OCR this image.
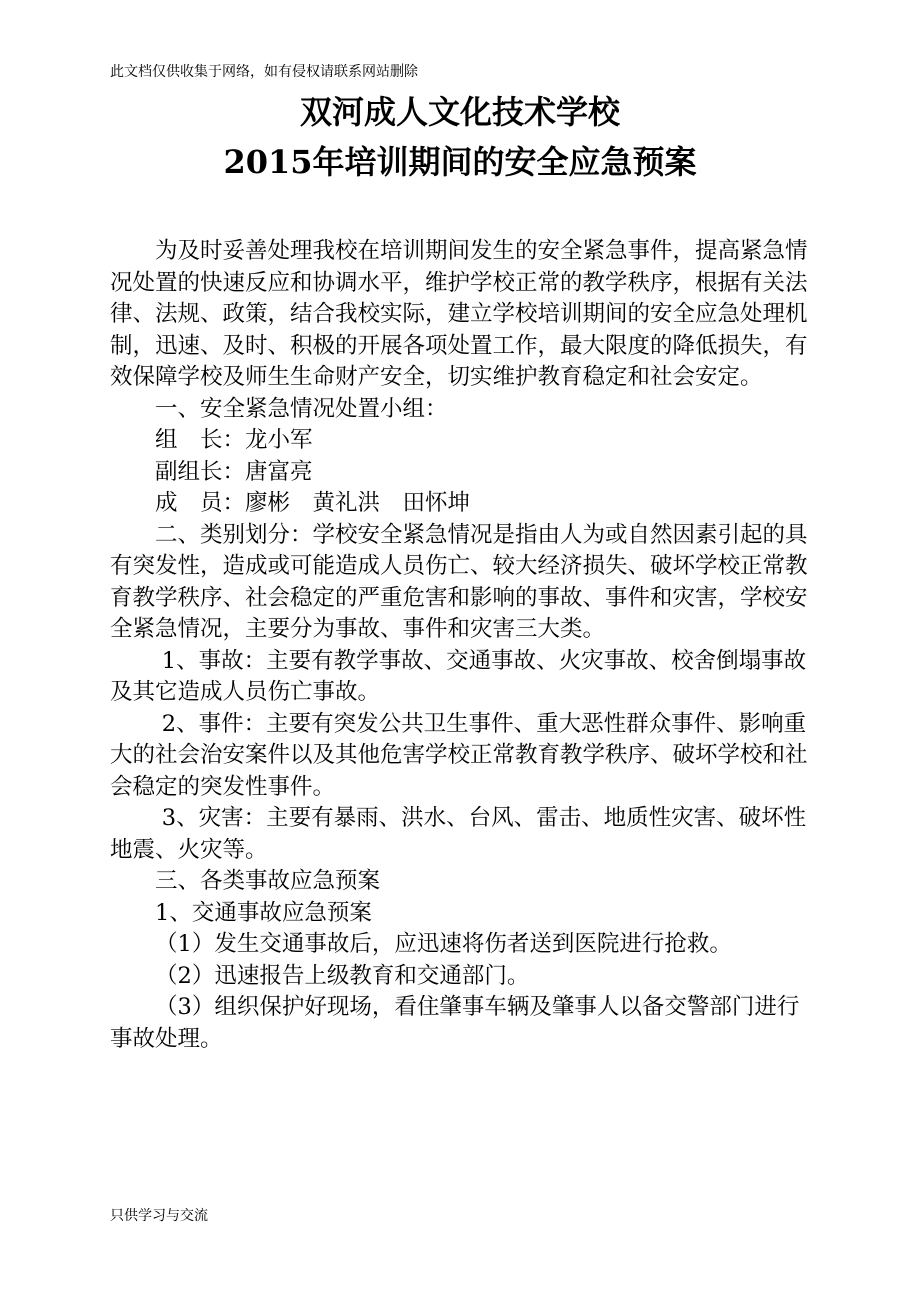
此文档仅供收集于网络，如有侵权请联系网站删除
双河成人文化技术学校
2015年培训期间的安全应急预案

为及时妥善处理我校在培训期间发生的安全紧急事件，提高紧急情况处置的快速反应和协调水平，维护学校正常的教学秩序，根据有关法律、法规、政策，结合我校实际，建立学校培训期间的安全应急处理机制，迅速、及时、积极的开展各项处置工作，最大限度的降低损失，有效保障学校及师生生命财产安全，切实维护教育稳定和社会安定。

一、安全紧急情况处置小组：

组　长：龙小军

副组长：唐富亮

成　员：廖彬　黄礼洪　田怀坤

二、类别划分：学校安全紧急情况是指由人为或自然因素引起的具有突发性，造成或可能造成人员伤亡、较大经济损失、破坏学校正常教育教学秩序、社会稳定的严重危害和影响的事故、事件和灾害，学校安全紧急情况，主要分为事故、事件和灾害三大类。

1、事故：主要有教学事故、交通事故、火灾事故、校舍倒塌事故及其它造成人员伤亡事故。

2、事件：主要有突发公共卫生事件、重大恶性群众事件、影响重大的社会治安案件以及其他危害学校正常教育教学秩序、破坏学校和社会稳定的突发性事件。

3、灾害：主要有暴雨、洪水、台风、雷击、地质性灾害、破坏性地震、火灾等。

三、各类事故应急预案

1、交通事故应急预案

（1）发生交通事故后，应迅速将伤者送到医院进行抢救。

（2）迅速报告上级教育和交通部门。

（3）组织保护好现场，看住肇事车辆及肇事人以备交警部门进行事故处理。

只供学习与交流
